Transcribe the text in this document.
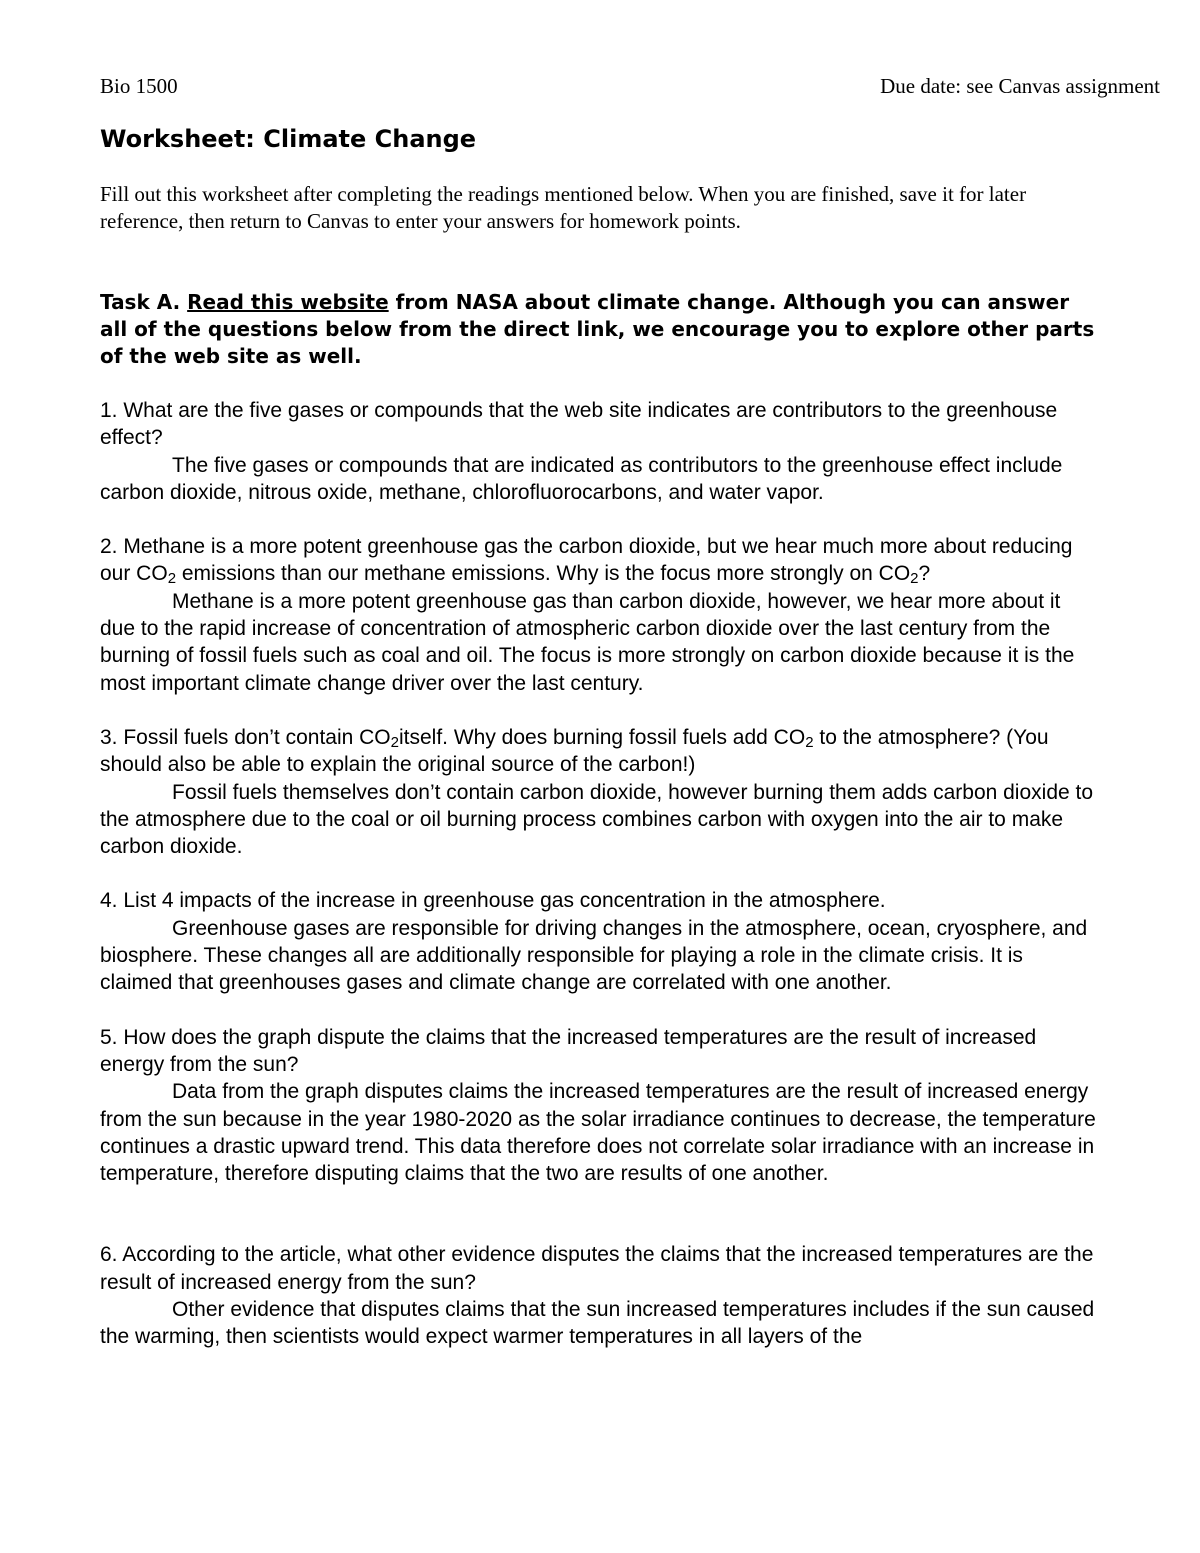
Bio 1500	Due date: see Canvas assignment
Worksheet: Climate Change

Fill out this worksheet after completing the readings mentioned below. When you are finished, save it for later reference, then return to Canvas to enter your answers for homework points.

Task A. Read this website from NASA about climate change. Although you can answer all of the questions below from the direct link, we encourage you to explore other parts of the web site as well.

1. What are the five gases or compounds that the web site indicates are contributors to the greenhouse effect?

The five gases or compounds that are indicated as contributors to the greenhouse effect include carbon dioxide, nitrous oxide, methane, chlorofluorocarbons, and water vapor.

2. Methane is a more potent greenhouse gas the carbon dioxide, but we hear much more about reducing our $CO_2$ emissions than our methane emissions. Why is the focus more strongly on $CO_2$?

Methane is a more potent greenhouse gas than carbon dioxide, however, we hear more about it due to the rapid increase of concentration of atmospheric carbon dioxide over the last century from the burning of fossil fuels such as coal and oil. The focus is more strongly on carbon dioxide because it is the most important climate change driver over the last century.

3. Fossil fuels don’t contain $CO_2itself$. Why does burning fossil fuels add $CO_2$ to the atmosphere? (You should also be able to explain the original source of the carbon!)

Fossil fuels themselves don’t contain carbon dioxide, however burning them adds carbon dioxide to the atmosphere due to the coal or oil burning process combines carbon with oxygen into the air to make carbon dioxide.

4. List 4 impacts of the increase in greenhouse gas concentration in the atmosphere.

Greenhouse gases are responsible for driving changes in the atmosphere, ocean, cryosphere, and biosphere. These changes all are additionally responsible for playing a role in the climate crisis. It is claimed that greenhouses gases and climate change are correlated with one another.

5. How does the graph dispute the claims that the increased temperatures are the result of increased energy from the sun?

Data from the graph disputes claims the increased temperatures are the result of increased energy from the sun because in the year 1980-2020 as the solar irradiance continues to decrease, the temperature continues a drastic upward trend. This data therefore does not correlate solar irradiance with an increase in temperature, therefore disputing claims that the two are results of one another.

6. According to the article, what other evidence disputes the claims that the increased temperatures are the result of increased energy from the sun?

Other evidence that disputes claims that the sun increased temperatures includes if the sun caused the warming, then scientists would expect warmer temperatures in all layers of the
